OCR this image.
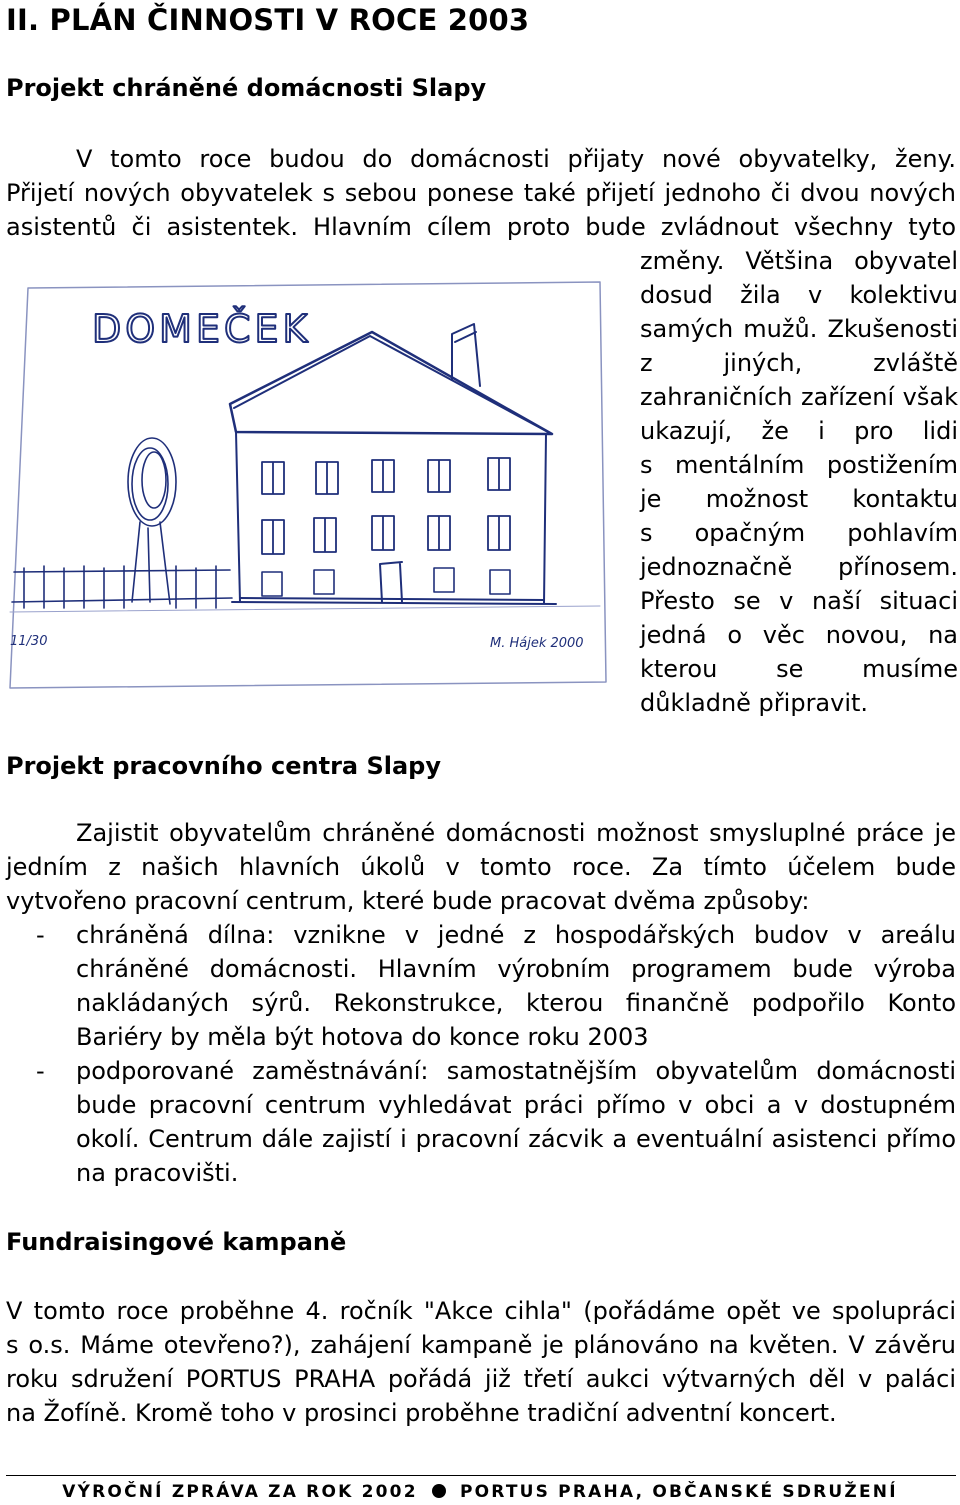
II. PLÁN ČINNOSTI V ROCE 2003
Projekt chráněné domácnosti Slapy
V tomto roce budou do domácnosti přijaty nové obyvatelky, ženy.
Přijetí nových obyvatelek s sebou ponese také přijetí jednoho či dvou nových
asistentů či asistentek. Hlavním cílem proto bude zvládnout všechny tyto
změny. Většina obyvatel
dosud žila v kolektivu
samých mužů. Zkušenosti
z jiných, zvláště
zahraničních zařízení však
ukazují, že i pro lidi
s mentálním postižením
je možnost kontaktu
s opačným pohlavím
jednoznačně přínosem.
Přesto se v naší situaci
jedná o věc novou, na
kterou se musíme
důkladně připravit.
DOMEČEK
11/30	M. Hájek 2000
Projekt pracovního centra Slapy
Zajistit obyvatelům chráněné domácnosti možnost smysluplné práce je
jedním z našich hlavních úkolů v tomto roce. Za tímto účelem bude
vytvořeno pracovní centrum, které bude pracovat dvěma způsoby:
- chráněná dílna: vznikne v jedné z hospodářských budov v areálu
chráněné domácnosti. Hlavním výrobním programem bude výroba
nakládaných sýrů. Rekonstrukce, kterou finančně podpořilo Konto
Bariéry by měla být hotova do konce roku 2003
- podporované zaměstnávání: samostatnějším obyvatelům domácnosti
bude pracovní centrum vyhledávat práci přímo v obci a v dostupném
okolí. Centrum dále zajistí i pracovní zácvik a eventuální asistenci přímo
na pracovišti.
Fundraisingové kampaně
V tomto roce proběhne 4. ročník "Akce cihla" (pořádáme opět ve spolupráci
s o.s. Máme otevřeno?), zahájení kampaně je plánováno na květen. V závěru
roku sdružení PORTUS PRAHA pořádá již třetí aukci výtvarných děl v paláci
na Žofíně. Kromě toho v prosinci proběhne tradiční adventní koncert.
VÝROČNÍ ZPRÁVA ZA ROK 2002 PORTUS PRAHA, OBČANSKÉ SDRUŽENÍ
